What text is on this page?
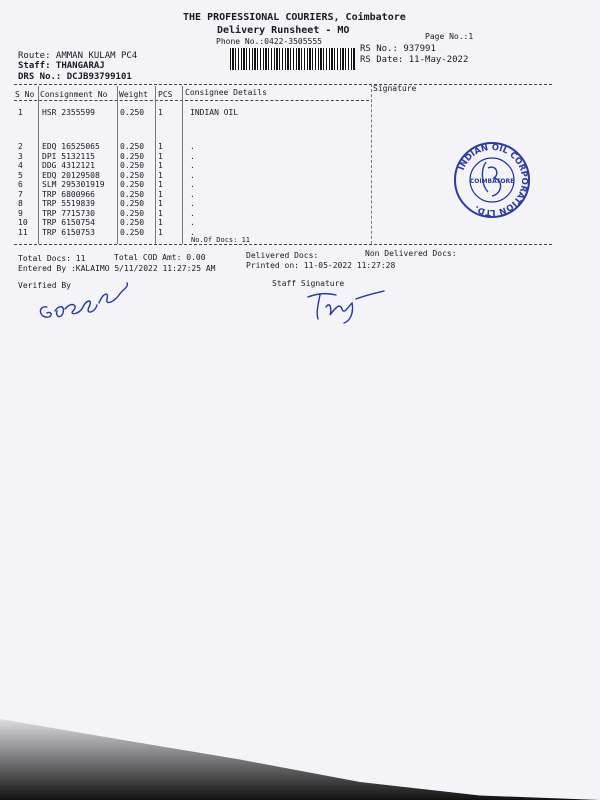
THE PROFESSIONAL COURIERS, Coimbatore
Delivery Runsheet - MO
Phone No.:0422-3505555
Page No.:1
RS No.: 937991
RS Date: 11-May-2022
Route: AMMAN KULAM PC4
Staff: THANGARAJ
DRS No.: DCJB93799101
S No Consignment No Weight PCS Consignee Details	Signature
1 HSR 2355599	0.250 1	INDIAN OIL
2 EDQ 16525065	0.250 1	.
3 DPI 5132115	0.250 1	.
4 DDG 4312121	0.250 1	.
5 EDQ 20129508	0.250 1	.
6 SLM 295301919 0.250 1	.
7 TRP 6800966	0.250 1	.
8 TRP 5519839	0.250 1	.
9 TRP 7715730	0.250 1	.
10 TRP 6150754	0.250 1	.
11 TRP 6150753	0.250 1	.
No.Of Docs: 11
INDIAN OIL CORPORATION LTD.
COIMBATORE
Total Docs: 11	Total COD Amt: 0.00	Delivered Docs:	Non Delivered Docs:
Entered By :KALAIMO 5/11/2022 11:27:25 AM	Printed on: 11-05-2022 11:27:28
Verified By	Staff Signature
